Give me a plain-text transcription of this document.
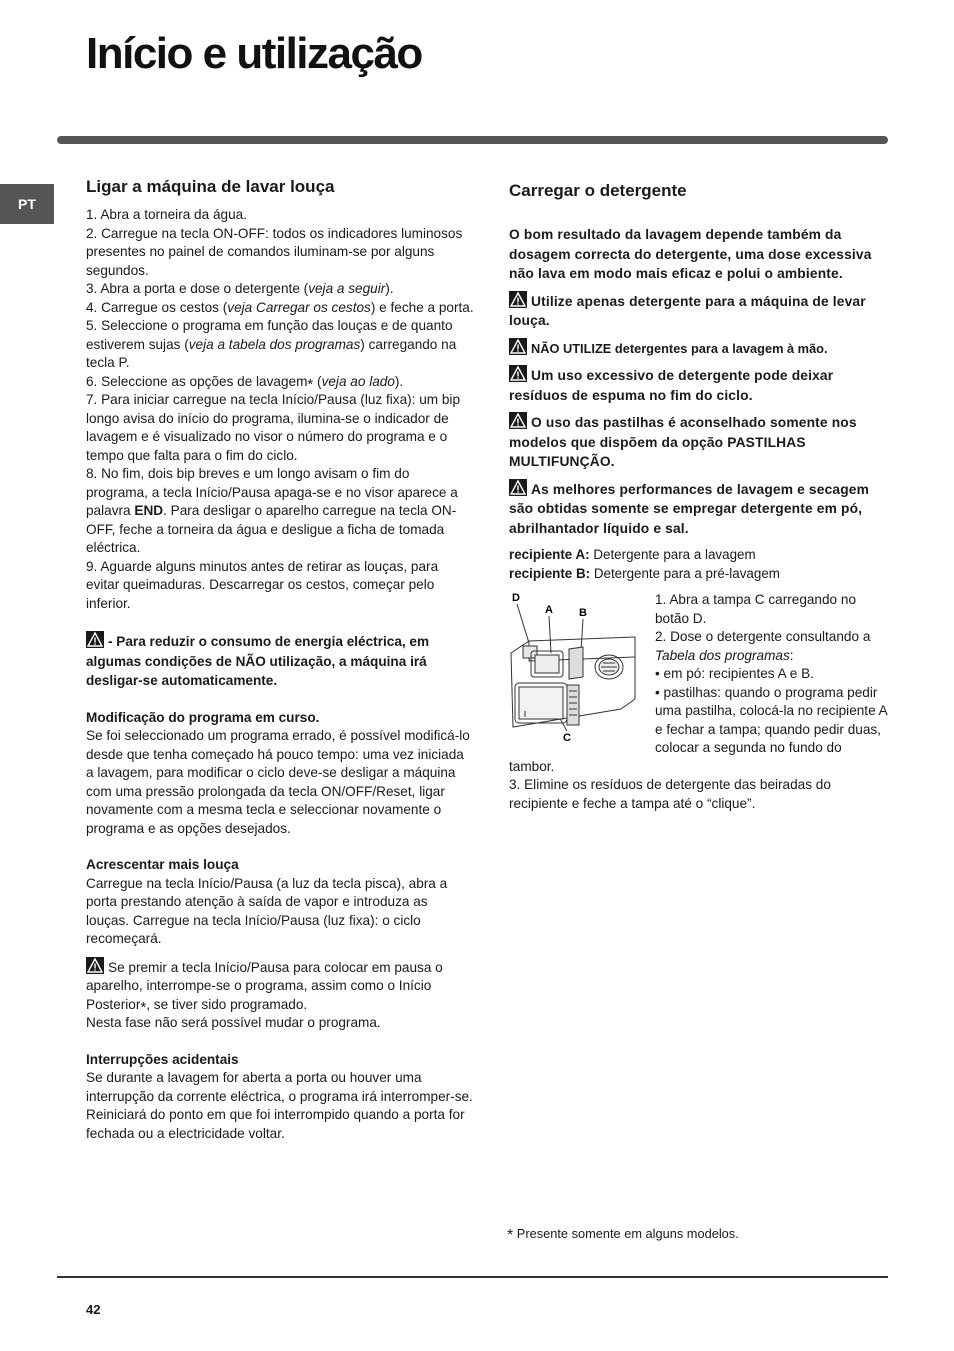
Início e utilização
PT
Ligar a máquina de lavar louça

1. Abra a torneira da água.

2. Carregue na tecla ON-OFF: todos os indicadores luminosos presentes no painel de comandos iluminam-se por alguns segundos.

3. Abra a porta e dose o detergente (veja a seguir).

4. Carregue os cestos (veja Carregar os cestos) e feche a porta.

5. Seleccione o programa em função das louças e de quanto estiverem sujas (veja a tabela dos programas) carregando na tecla P.

6. Seleccione as opções de lavagem* (veja ao lado).

7. Para iniciar carregue na tecla Início/Pausa (luz fixa): um bip longo avisa do início do programa, ilumina-se o indicador de lavagem e é visualizado no visor o número do programa e o tempo que falta para o fim do ciclo.

8. No fim, dois bip breves e um longo avisam o fim do programa, a tecla Início/Pausa apaga-se e no visor aparece a palavra END. Para desligar o aparelho carregue na tecla ON-OFF, feche a torneira da água e desligue a ficha de tomada eléctrica.

9. Aguarde alguns minutos antes de retirar as louças, para evitar queimaduras. Descarregar os cestos, começar pelo inferior.

- Para reduzir o consumo de energia eléctrica, em algumas condições de NÃO utilização, a máquina irá desligar-se automaticamente.

Modificação do programa em curso.

Se foi seleccionado um programa errado, é possível modificá-lo desde que tenha começado há pouco tempo: uma vez iniciada a lavagem, para modificar o ciclo deve-se desligar a máquina com uma pressão prolongada da tecla ON/OFF/Reset, ligar novamente com a mesma tecla e seleccionar novamente o programa e as opções desejados.

Acrescentar mais louça

Carregue na tecla Início/Pausa (a luz da tecla pisca), abra a porta prestando atenção à saída de vapor e introduza as louças. Carregue na tecla Início/Pausa (luz fixa): o ciclo recomeçará.

Se premir a tecla Início/Pausa para colocar em pausa o aparelho, interrompe-se o programa, assim como o Início Posterior*, se tiver sido programado.

Nesta fase não será possível mudar o programa.

Interrupções acidentais

Se durante a lavagem for aberta a porta ou houver uma interrupção da corrente eléctrica, o programa irá interromper-se. Reiniciará do ponto em que foi interrompido quando a porta for fechada ou a electricidade voltar.

Carregar o detergente

O bom resultado da lavagem depende também da dosagem correcta do detergente, uma dose excessiva não lava em modo mais eficaz e polui o ambiente.

Utilize apenas detergente para a máquina de levar louça.

NÃO UTILIZE detergentes para a lavagem à mão.

Um uso excessivo de detergente pode deixar resíduos de espuma no fim do ciclo.

O uso das pastilhas é aconselhado somente nos modelos que dispõem da opção PASTILHAS MULTIFUNÇÃO.

As melhores performances de lavagem e secagem são obtidas somente se empregar detergente em pó, abrilhantador líquido e sal.

recipiente A: Detergente para a lavagem

recipiente B: Detergente para a pré-lavagem

D
A B
C

1. Abra a tampa C carregando no botão D.

2. Dose o detergente consultando a Tabela dos programas:

• em pó: recipientes A e B.

• pastilhas: quando o programa pedir uma pastilha, colocá-la no recipiente A e fechar a tampa; quando pedir duas, colocar a segunda no fundo do tambor.

3. Elimine os resíduos de detergente das beiradas do recipiente e feche a tampa até o “clique”.

* Presente somente em alguns modelos.
42
